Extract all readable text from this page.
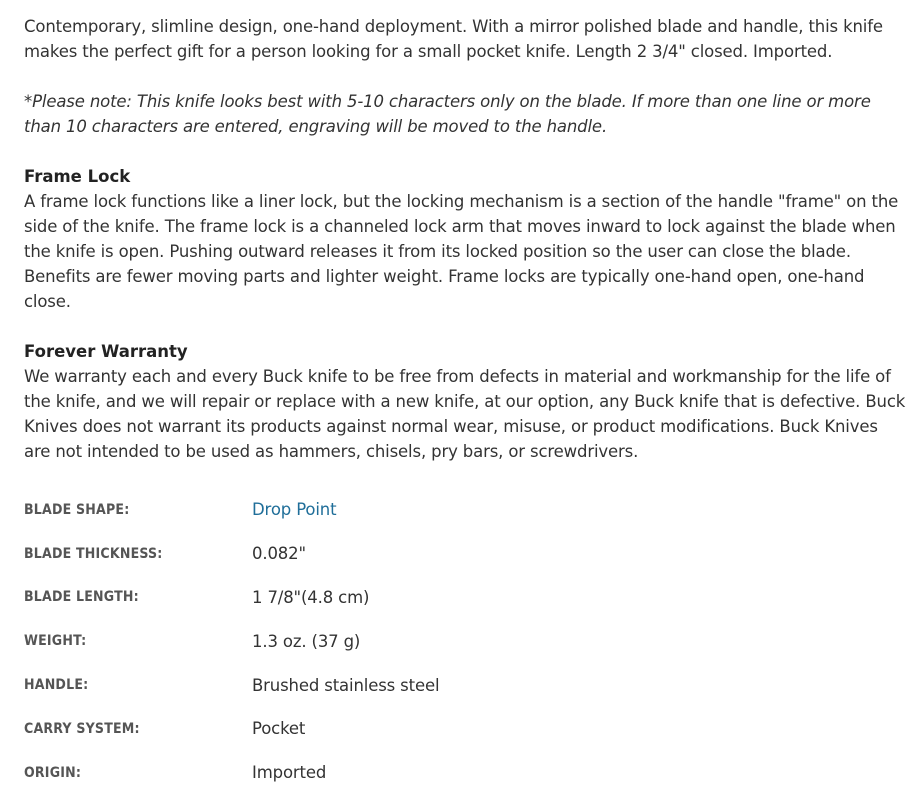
Contemporary, slimline design, one-hand deployment. With a mirror polished blade and handle, this knife makes the perfect gift for a person looking for a small pocket knife. Length 2 3/4" closed. Imported.

*Please note: This knife looks best with 5-10 characters only on the blade. If more than one line or more than 10 characters are entered, engraving will be moved to the handle.

Frame Lock

A frame lock functions like a liner lock, but the locking mechanism is a section of the handle "frame" on the side of the knife. The frame lock is a channeled lock arm that moves inward to lock against the blade when the knife is open. Pushing outward releases it from its locked position so the user can close the blade. Benefits are fewer moving parts and lighter weight. Frame locks are typically one-hand open, one-hand close.

Forever Warranty

We warranty each and every Buck knife to be free from defects in material and workmanship for the life of the knife, and we will repair or replace with a new knife, at our option, any Buck knife that is defective. Buck Knives does not warrant its products against normal wear, misuse, or product modifications. Buck Knives are not intended to be used as hammers, chisels, pry bars, or screwdrivers.

BLADE SHAPE:	Drop Point
BLADE THICKNESS:	0.082"
BLADE LENGTH:	1 7/8"(4.8 cm)
WEIGHT:	1.3 oz. (37 g)
HANDLE:	Brushed stainless steel
CARRY SYSTEM:	Pocket
ORIGIN:	Imported
